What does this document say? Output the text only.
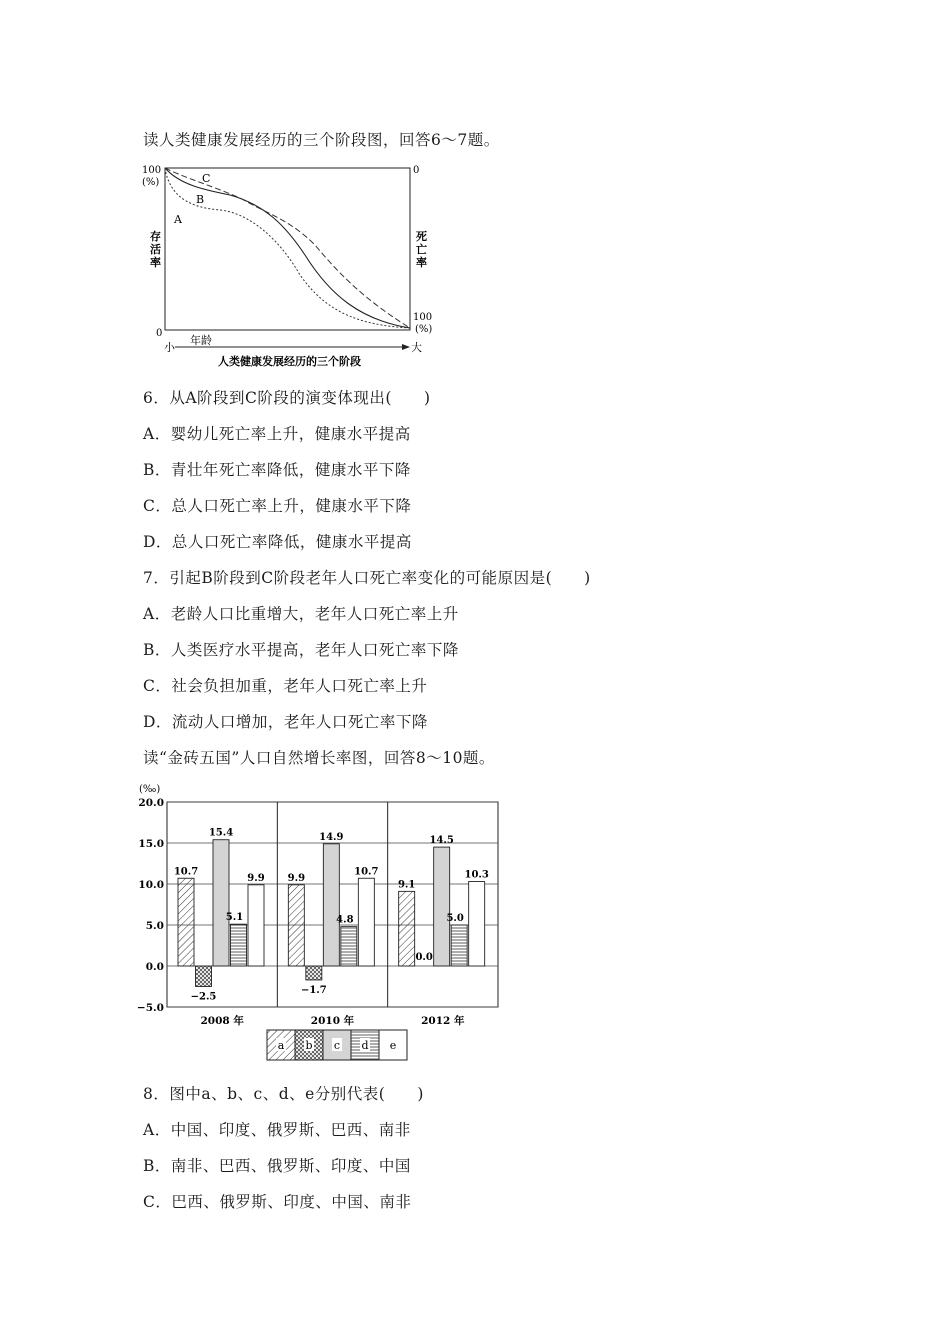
读人类健康发展经历的三个阶段图，回答6～7题。
C
B
A
100
(%)
存
活
率
0
0
死
亡
率
100
(%)
年龄
小	大
人类健康发展经历的三个阶段
6．从A阶段到C阶段的演变体现出(　　)
A．婴幼儿死亡率上升，健康水平提高
B．青壮年死亡率降低，健康水平下降
C．总人口死亡率上升，健康水平下降
D．总人口死亡率降低，健康水平提高
7．引起B阶段到C阶段老年人口死亡率变化的可能原因是(　　)
A．老龄人口比重增大，老年人口死亡率上升
B．人类医疗水平提高，老年人口死亡率下降
C．社会负担加重，老年人口死亡率上升
D．流动人口增加，老年人口死亡率下降
读“金砖五国”人口自然增长率图，回答8～10题。
(‰)
20.0
15.0
10.0
5.0
0.0
−5.0
2008 年
10.7
−2.5
15.4
5.1
9.9
2010 年
9.9
−1.7
14.9
4.8
10.7
2012 年
9.1
0.0
14.5
5.0
10.3
a b c d e
8．图中a、b、c、d、e分别代表(　　)
A．中国、印度、俄罗斯、巴西、南非
B．南非、巴西、俄罗斯、印度、中国
C．巴西、俄罗斯、印度、中国、南非
